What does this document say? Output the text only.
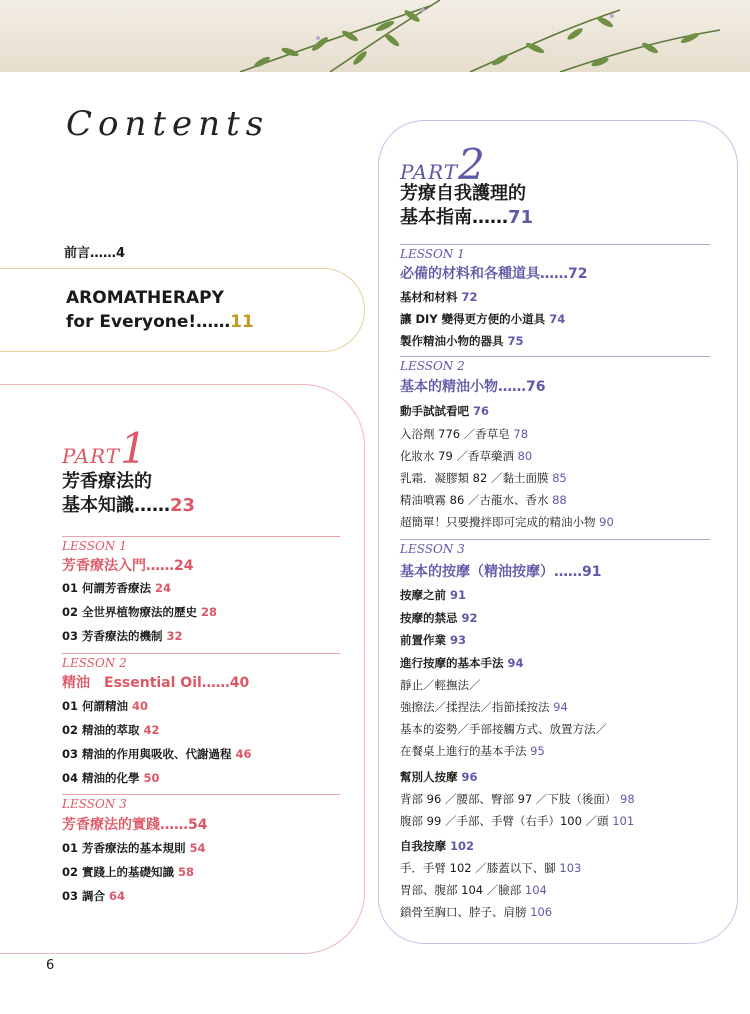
Contents
前言……4
AROMATHERAPY
for Everyone!……11
PART1
芳香療法的
基本知識……23
LESSON 1
芳香療法入門……24
01 何謂芳香療法 24
02 全世界植物療法的歷史 28
03 芳香療法的機制 32
LESSON 2
精油　Essential Oil……40
01 何謂精油 40
02 精油的萃取 42
03 精油的作用與吸收、代謝過程 46
04 精油的化學 50
LESSON 3
芳香療法的實踐……54
01 芳香療法的基本規則 54
02 實踐上的基礎知識 58
03 調合 64
PART2
芳療自我護理的
基本指南……71
LESSON 1
必備的材料和各種道具……72
基材和材料 72
讓 DIY 變得更方便的小道具 74
製作精油小物的器具 75
LESSON 2
基本的精油小物……76
動手試試看吧 76
入浴劑 776 ／香草皂 78
化妝水 79 ／香草藥酒 80
乳霜．凝膠類 82 ／黏土面膜 85
精油噴霧 86 ／古龍水、香水 88
超簡單！只要攪拌即可完成的精油小物 90
LESSON 3
基本的按摩（精油按摩）……91
按摩之前 91
按摩的禁忌 92
前置作業 93
進行按摩的基本手法 94
靜止／輕撫法／
強擦法／揉捏法／指節揉按法 94
基本的姿勢／手部接觸方式、放置方法／
在餐桌上進行的基本手法 95
幫別人按摩 96
背部 96 ／腰部、臀部 97 ／下肢（後面） 98
腹部 99 ／手部、手臂（右手）100 ／頭 101
自我按摩 102
手．手臂 102 ／膝蓋以下、腳 103
胃部、腹部 104 ／臉部 104
鎖骨至胸口、脖子、肩膀 106
6
